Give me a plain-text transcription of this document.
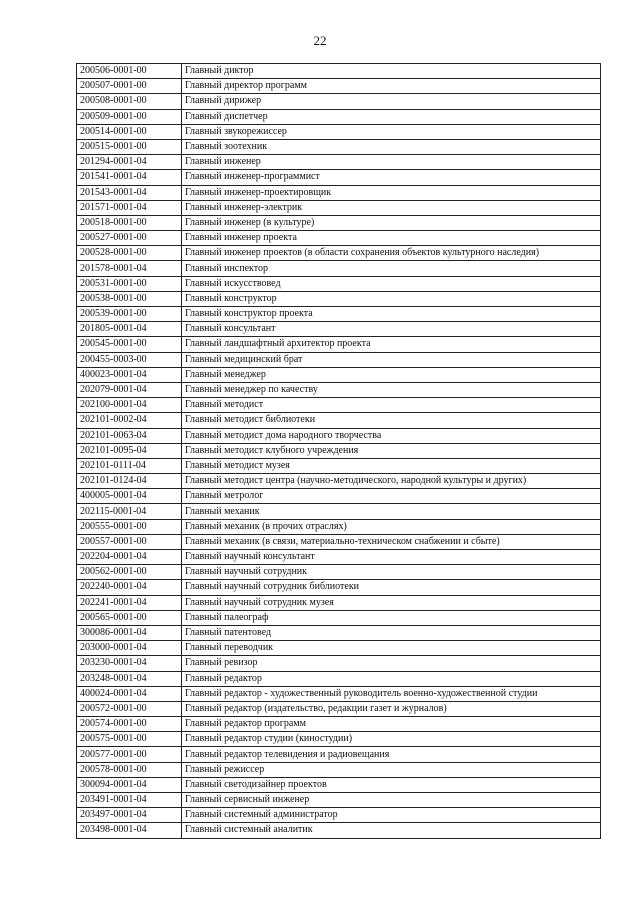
22
200506-0001-00	Главный диктор
200507-0001-00	Главный директор программ
200508-0001-00	Главный дирижер
200509-0001-00	Главный диспетчер
200514-0001-00	Главный звукорежиссер
200515-0001-00	Главный зоотехник
201294-0001-04	Главный инженер
201541-0001-04	Главный инженер-программист
201543-0001-04	Главный инженер-проектировщик
201571-0001-04	Главный инженер-электрик
200518-0001-00	Главный инженер (в культуре)
200527-0001-00	Главный инженер проекта
200528-0001-00	Главный инженер проектов (в области сохранения объектов культурного наследия)
201578-0001-04	Главный инспектор
200531-0001-00	Главный искусствовед
200538-0001-00	Главный конструктор
200539-0001-00	Главный конструктор проекта
201805-0001-04	Главный консультант
200545-0001-00	Главный ландшафтный архитектор проекта
200455-0003-00	Главный медицинский брат
400023-0001-04	Главный менеджер
202079-0001-04	Главный менеджер по качеству
202100-0001-04	Главный методист
202101-0002-04	Главный методист библиотеки
202101-0063-04	Главный методист дома народного творчества
202101-0095-04	Главный методист клубного учреждения
202101-0111-04	Главный методист музея
202101-0124-04	Главный методист центра (научно-методического, народной культуры и других)
400005-0001-04	Главный метролог
202115-0001-04	Главный механик
200555-0001-00	Главный механик (в прочих отраслях)
200557-0001-00	Главный механик (в связи, материально-техническом снабжении и сбыте)
202204-0001-04	Главный научный консультант
200562-0001-00	Главный научный сотрудник
202240-0001-04	Главный научный сотрудник библиотеки
202241-0001-04	Главный научный сотрудник музея
200565-0001-00	Главный палеограф
300086-0001-04	Главный патентовед
203000-0001-04	Главный переводчик
203230-0001-04	Главный ревизор
203248-0001-04	Главный редактор
400024-0001-04	Главный редактор - художественный руководитель военно-художественной студии
200572-0001-00	Главный редактор (издательство, редакции газет и журналов)
200574-0001-00	Главный редактор программ
200575-0001-00	Главный редактор студии (киностудии)
200577-0001-00	Главный редактор телевидения и радиовещания
200578-0001-00	Главный режиссер
300094-0001-04	Главный светодизайнер проектов
203491-0001-04	Главный сервисный инженер
203497-0001-04	Главный системный администратор
203498-0001-04	Главный системный аналитик
